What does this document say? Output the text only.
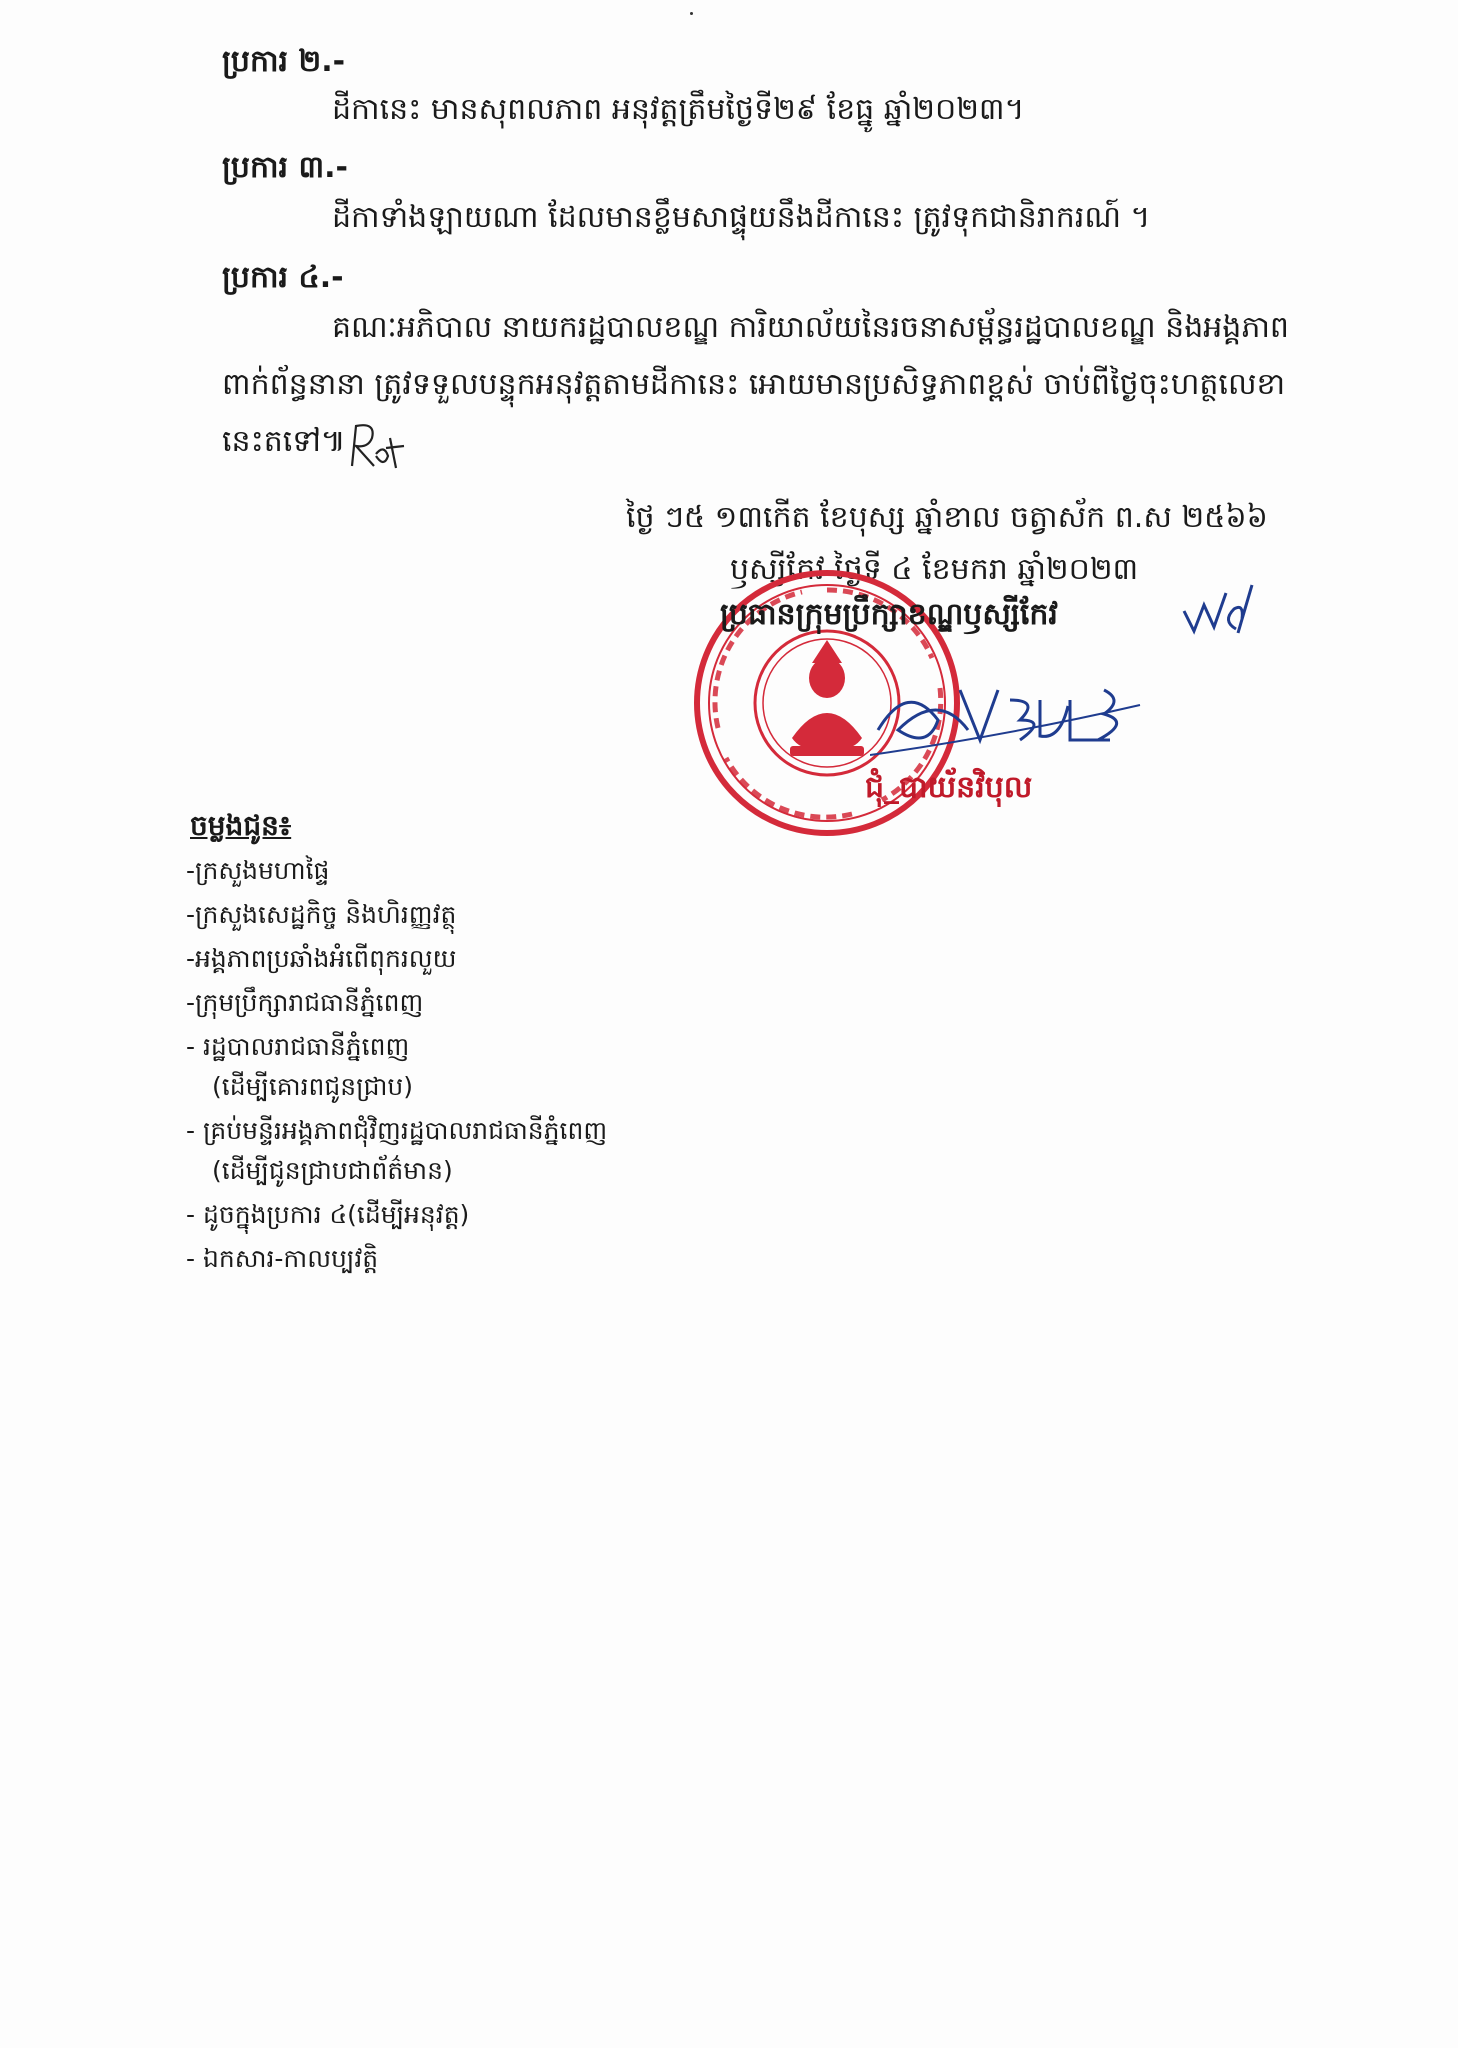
ប្រការ ២.-
ដីកានេះ មានសុពលភាព អនុវត្តត្រឹមថ្ងៃទី២៩ ខែធ្នូ ឆ្នាំ២០២៣។
ប្រការ ៣.-
ដីកាទាំងឡាយណា ដែលមានខ្លឹមសាផ្ទុយនឹងដីកានេះ ត្រូវទុកជានិរាករណ៍ ។
ប្រការ ៤.-
គណៈអភិបាល នាយករដ្ឋបាលខណ្ឌ ការិយាល័យនៃរចនាសម្ព័ន្ធរដ្ឋបាលខណ្ឌ និងអង្គភាព
ពាក់ព័ន្ធនានា ត្រូវទទួលបន្ទុកអនុវត្តតាមដីកានេះ អោយមានប្រសិទ្ធភាពខ្ពស់ ចាប់ពីថ្ងៃចុះហត្ថលេខា
នេះតទៅ៕
ថ្ងៃ ៗ៥ ១៣កើត ខែបុស្ស ឆ្នាំខាល ចត្វាស័ក ព.ស ២៥៦៦
ឫស្សីកែវ ថ្ងៃទី ៤ ខែមករា ឆ្នាំ២០២៣
ប្រធានក្រុមប្រឹក្សាខណ្ឌឫស្សីកែវ
ជុំ_បាយ័នវិបុល
ចម្លងជូន៖
-ក្រសួងមហាផ្ទៃ
-ក្រសួងសេដ្ឋកិច្ច និងហិរញ្ញវត្ថុ
-អង្គភាពប្រឆាំងអំពើពុករលួយ
-ក្រុមប្រឹក្សារាជធានីភ្នំពេញ
- រដ្ឋបាលរាជធានីភ្នំពេញ
(ដើម្បីគោរពជូនជ្រាប)
- គ្រប់មន្ទីរអង្គភាពជុំវិញរដ្ឋបាលរាជធានីភ្នំពេញ
(ដើម្បីជូនជ្រាបជាព័ត៌មាន)
- ដូចក្នុងប្រការ ៤(ដើម្បីអនុវត្ត)
- ឯកសារ-កាលប្បវត្តិ
